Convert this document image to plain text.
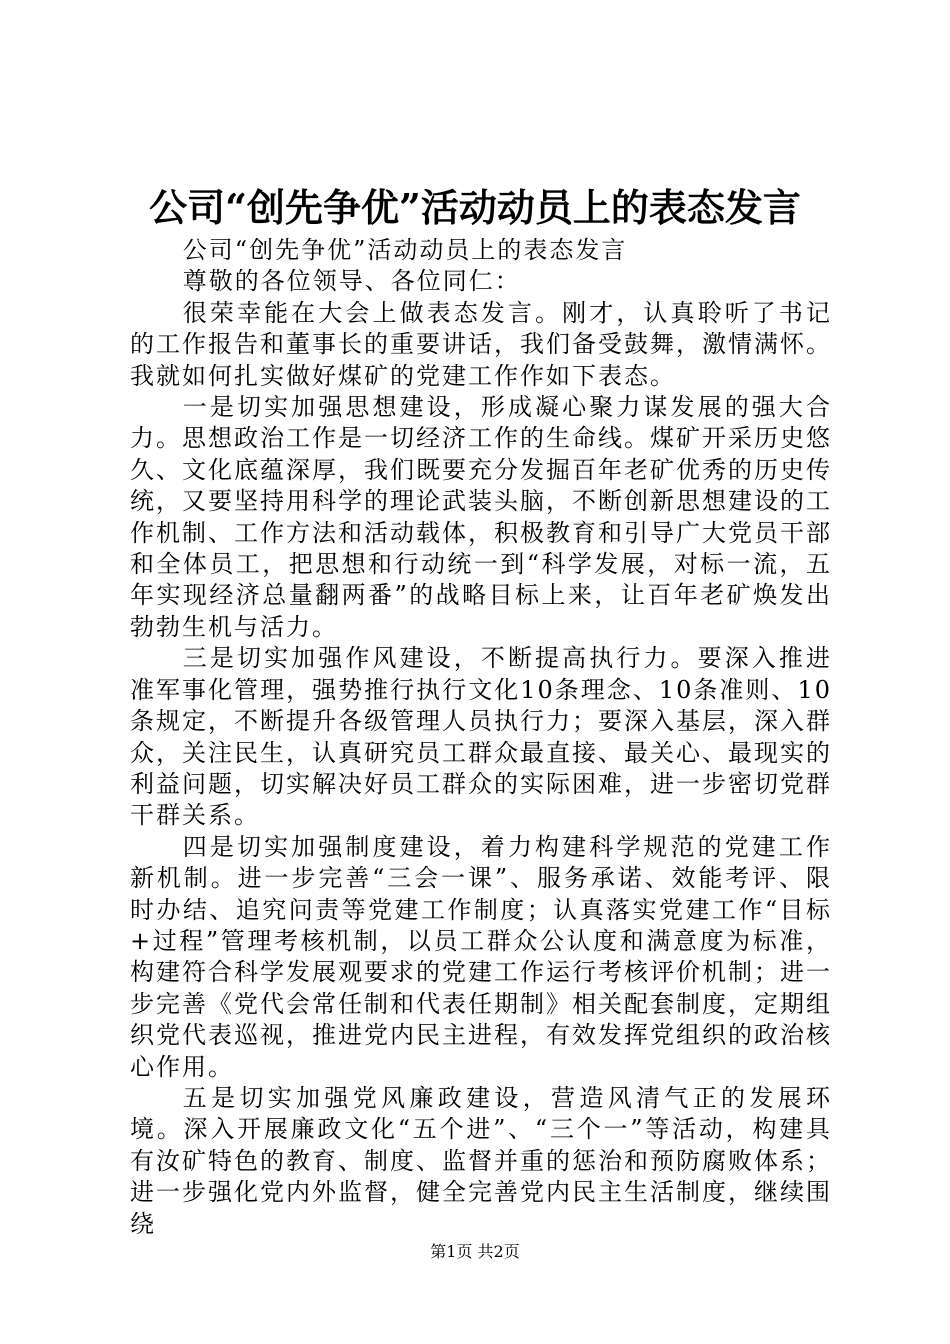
公司“创先争优”活动动员上的表态发言

公司“创先争优”活动动员上的表态发言

尊敬的各位领导、各位同仁：

很荣幸能在大会上做表态发言。刚才，认真聆听了书记的工作报告和董事长的重要讲话，我们备受鼓舞，激情满怀。我就如何扎实做好煤矿的党建工作作如下表态。

一是切实加强思想建设，形成凝心聚力谋发展的强大合力。思想政治工作是一切经济工作的生命线。煤矿开采历史悠久、文化底蕴深厚，我们既要充分发掘百年老矿优秀的历史传统，又要坚持用科学的理论武装头脑，不断创新思想建设的工作机制、工作方法和活动载体，积极教育和引导广大党员干部和全体员工，把思想和行动统一到“科学发展，对标一流，五年实现经济总量翻两番”的战略目标上来，让百年老矿焕发出勃勃生机与活力。

三是切实加强作风建设，不断提高执行力。要深入推进准军事化管理，强势推行执行文化10条理念、10条准则、10条规定，不断提升各级管理人员执行力；要深入基层，深入群众，关注民生，认真研究员工群众最直接、最关心、最现实的利益问题，切实解决好员工群众的实际困难，进一步密切党群干群关系。

四是切实加强制度建设，着力构建科学规范的党建工作新机制。进一步完善“三会一课”、服务承诺、效能考评、限时办结、追究问责等党建工作制度；认真落实党建工作“目标+过程”管理考核机制，以员工群众公认度和满意度为标准，构建符合科学发展观要求的党建工作运行考核评价机制；进一步完善《党代会常任制和代表任期制》相关配套制度，定期组织党代表巡视，推进党内民主进程，有效发挥党组织的政治核心作用。

五是切实加强党风廉政建设，营造风清气正的发展环境。深入开展廉政文化“五个进”、“三个一”等活动，构建具有汝矿特色的教育、制度、监督并重的惩治和预防腐败体系；进一步强化党内外监督，健全完善党内民主生活制度，继续围绕

第1页 共2页
